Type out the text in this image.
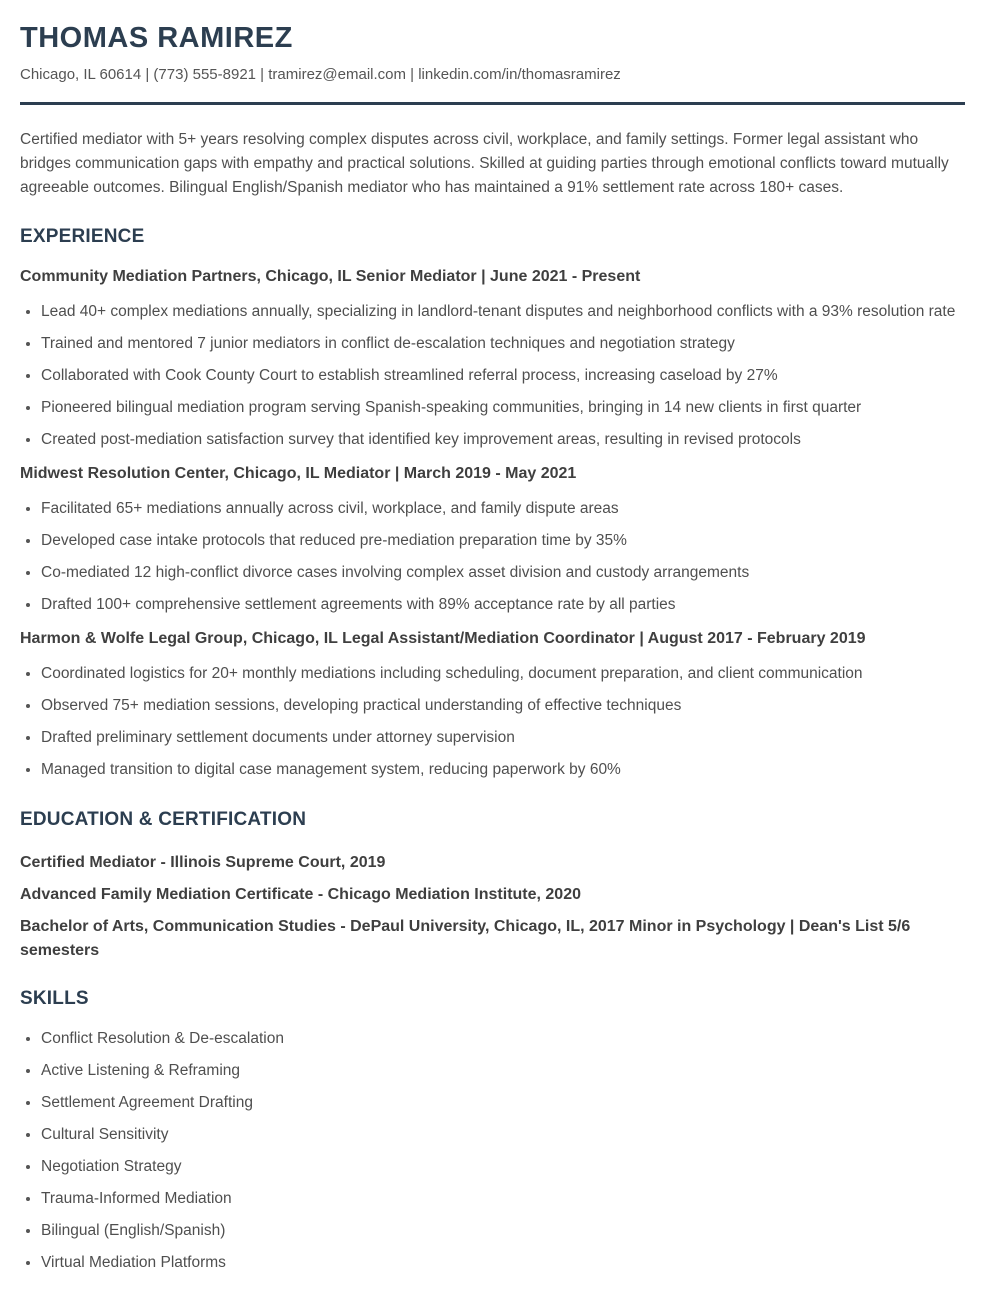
THOMAS RAMIREZ

Chicago, IL 60614 | (773) 555-8921 | tramirez@email.com | linkedin.com/in/thomasramirez

Certified mediator with 5+ years resolving complex disputes across civil, workplace, and family settings. Former legal assistant who bridges communication gaps with empathy and practical solutions. Skilled at guiding parties through emotional conflicts toward mutually agreeable outcomes. Bilingual English/Spanish mediator who has maintained a 91% settlement rate across 180+ cases.

EXPERIENCE
Community Mediation Partners, Chicago, IL Senior Mediator | June 2021 - Present
• Lead 40+ complex mediations annually, specializing in landlord-tenant disputes and neighborhood conflicts with a 93% resolution rate
• Trained and mentored 7 junior mediators in conflict de-escalation techniques and negotiation strategy
• Collaborated with Cook County Court to establish streamlined referral process, increasing caseload by 27%
• Pioneered bilingual mediation program serving Spanish-speaking communities, bringing in 14 new clients in first quarter
• Created post-mediation satisfaction survey that identified key improvement areas, resulting in revised protocols
Midwest Resolution Center, Chicago, IL Mediator | March 2019 - May 2021
• Facilitated 65+ mediations annually across civil, workplace, and family dispute areas
• Developed case intake protocols that reduced pre-mediation preparation time by 35%
• Co-mediated 12 high-conflict divorce cases involving complex asset division and custody arrangements
• Drafted 100+ comprehensive settlement agreements with 89% acceptance rate by all parties
Harmon & Wolfe Legal Group, Chicago, IL Legal Assistant/Mediation Coordinator | August 2017 - February 2019
• Coordinated logistics for 20+ monthly mediations including scheduling, document preparation, and client communication
• Observed 75+ mediation sessions, developing practical understanding of effective techniques
• Drafted preliminary settlement documents under attorney supervision
• Managed transition to digital case management system, reducing paperwork by 60%
EDUCATION & CERTIFICATION

Certified Mediator - Illinois Supreme Court, 2019

Advanced Family Mediation Certificate - Chicago Mediation Institute, 2020

Bachelor of Arts, Communication Studies - DePaul University, Chicago, IL, 2017 Minor in Psychology | Dean's List 5/6 semesters

SKILLS
• Conflict Resolution & De-escalation
• Active Listening & Reframing
• Settlement Agreement Drafting
• Cultural Sensitivity
• Negotiation Strategy
• Trauma-Informed Mediation
• Bilingual (English/Spanish)
• Virtual Mediation Platforms
